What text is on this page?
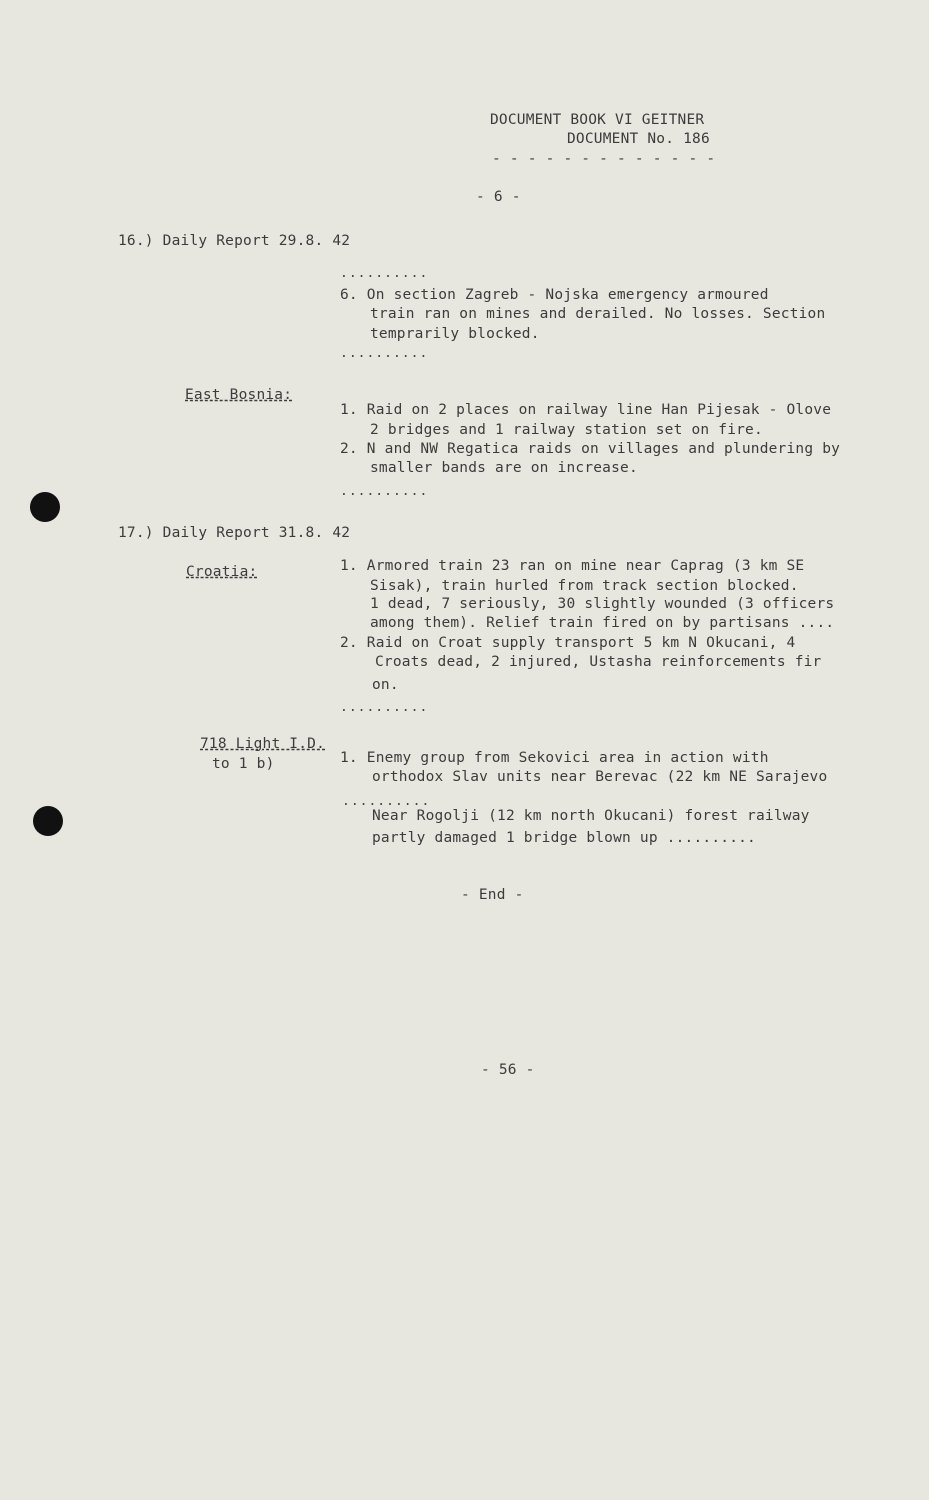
DOCUMENT BOOK VI GEITNER
DOCUMENT No. 186
- - - - - - - - - - - - -
- 6 -
16.) Daily Report 29.8. 42
..........
6. On section Zagreb - Nojska emergency armoured
train ran on mines and derailed. No losses. Section
temprarily blocked.
..........
East Bosnia:
1. Raid on 2 places on railway line Han Pijesak - Olove
2 bridges and 1 railway station set on fire.
2. N and NW Regatica raids on villages and plundering by
smaller bands are on increase.
..........
17.) Daily Report 31.8. 42
Croatia:	1. Armored train 23 ran on mine near Caprag (3 km SE
Sisak), train hurled from track section blocked.
1 dead, 7 seriously, 30 slightly wounded (3 officers
among them). Relief train fired on by partisans ....
2. Raid on Croat supply transport 5 km N Okucani, 4
Croats dead, 2 injured, Ustasha reinforcements fir
on.
..........
718 Light I.D.
to 1 b)	1. Enemy group from Sekovici area in action with
orthodox Slav units near Berevac (22 km NE Sarajevo
..........
Near Rogolji (12 km north Okucani) forest railway
partly damaged 1 bridge blown up ..........
- End -
- 56 -
